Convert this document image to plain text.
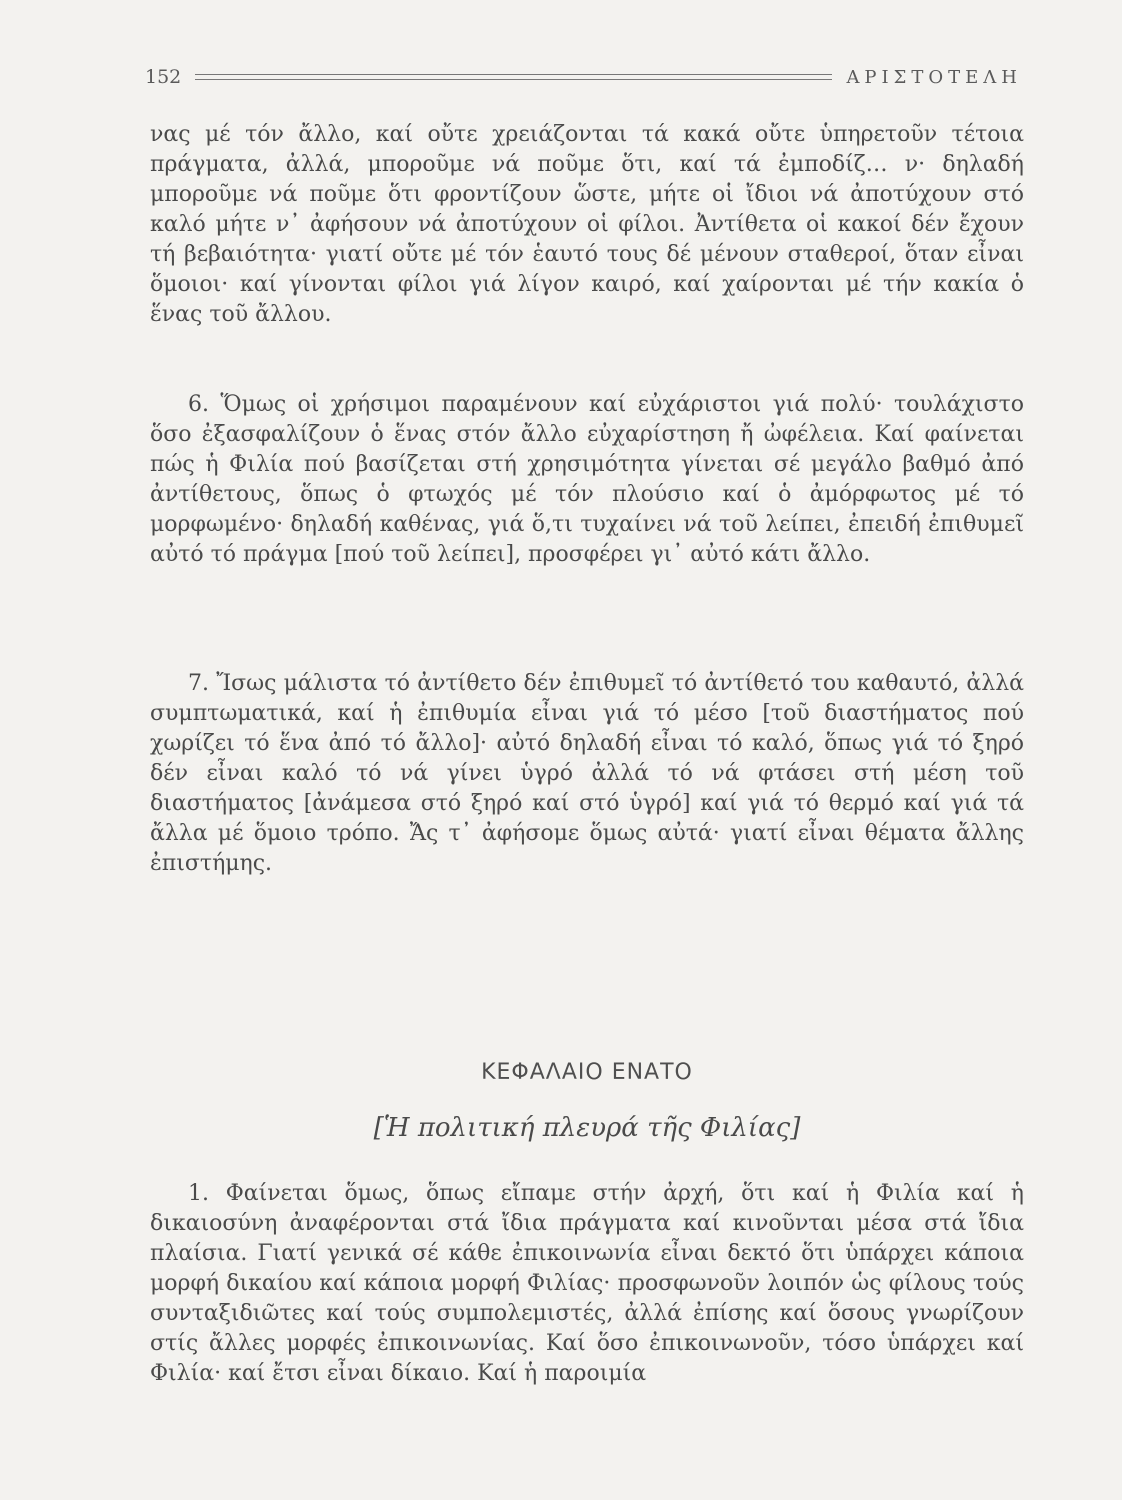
152	ΑΡΙΣΤΟΤΕΛΗ

νας μέ τόν ἄλλο, καί οὔτε χρειάζονται τά κακά οὔτε ὑπηρετοῦν τέτοια πράγματα, ἀλλά, μποροῦμε νά ποῦμε ὅτι, καί τά ἐμποδίζ… ν· δηλαδή μποροῦμε νά ποῦμε ὅτι φροντίζουν ὥστε, μήτε οἱ ἴδιοι νά ἀποτύχουν στό καλό μήτε ν᾽ ἀφήσουν νά ἀποτύχουν οἱ φίλοι. Ἀντίθετα οἱ κακοί δέν ἔχουν τή βεβαιότητα· γιατί οὔτε μέ τόν ἑαυτό τους δέ μένουν σταθεροί, ὅταν εἶναι ὅμοιοι· καί γίνονται φίλοι γιά λίγον καιρό, καί χαίρονται μέ τήν κακία ὁ ἕνας τοῦ ἄλλου.

6. Ὅμως οἱ χρήσιμοι παραμένουν καί εὐχάριστοι γιά πολύ· τουλάχιστο ὅσο ἐξασφαλίζουν ὁ ἕνας στόν ἄλλο εὐχαρίστηση ἤ ὠφέλεια. Καί φαίνεται πώς ἡ Φιλία πού βασίζεται στή χρησιμότητα γίνεται σέ μεγάλο βαθμό ἀπό ἀντίθετους, ὅπως ὁ φτωχός μέ τόν πλούσιο καί ὁ ἀμόρφωτος μέ τό μορφωμένο· δηλαδή καθένας, γιά ὅ,τι τυχαίνει νά τοῦ λείπει, ἐπειδή ἐπιθυμεῖ αὐτό τό πράγμα [πού τοῦ λείπει], προσφέρει γι᾽ αὐτό κάτι ἄλλο.

7. Ἴσως μάλιστα τό ἀντίθετο δέν ἐπιθυμεῖ τό ἀντίθετό του καθαυτό, ἀλλά συμπτωματικά, καί ἡ ἐπιθυμία εἶναι γιά τό μέσο [τοῦ διαστήματος πού χωρίζει τό ἕνα ἀπό τό ἄλλο]· αὐτό δηλαδή εἶναι τό καλό, ὅπως γιά τό ξηρό δέν εἶναι καλό τό νά γίνει ὑγρό ἀλλά τό νά φτάσει στή μέση τοῦ διαστήματος [ἀνάμεσα στό ξηρό καί στό ὑγρό] καί γιά τό θερμό καί γιά τά ἄλλα μέ ὅμοιο τρόπο. Ἄς τ᾽ ἀφήσομε ὅμως αὐτά· γιατί εἶναι θέματα ἄλλης ἐπιστήμης.

ΚΕΦΑΛΑΙΟ ΕΝΑΤΟ
[Ἡ πολιτική πλευρά τῆς Φιλίας]

1. Φαίνεται ὅμως, ὅπως εἴπαμε στήν ἀρχή, ὅτι καί ἡ Φιλία καί ἡ δικαιοσύνη ἀναφέρονται στά ἴδια πράγματα καί κινοῦνται μέσα στά ἴδια πλαίσια. Γιατί γενικά σέ κάθε ἐπικοινωνία εἶναι δεκτό ὅτι ὑπάρχει κάποια μορφή δικαίου καί κάποια μορφή Φιλίας· προσφωνοῦν λοιπόν ὡς φίλους τούς συνταξιδιῶτες καί τούς συμπολεμιστές, ἀλλά ἐπίσης καί ὅσους γνωρίζουν στίς ἄλλες μορφές ἐπικοινωνίας. Καί ὅσο ἐπικοινωνοῦν, τόσο ὑπάρχει καί Φιλία· καί ἔτσι εἶναι δίκαιο. Καί ἡ παροιμία
